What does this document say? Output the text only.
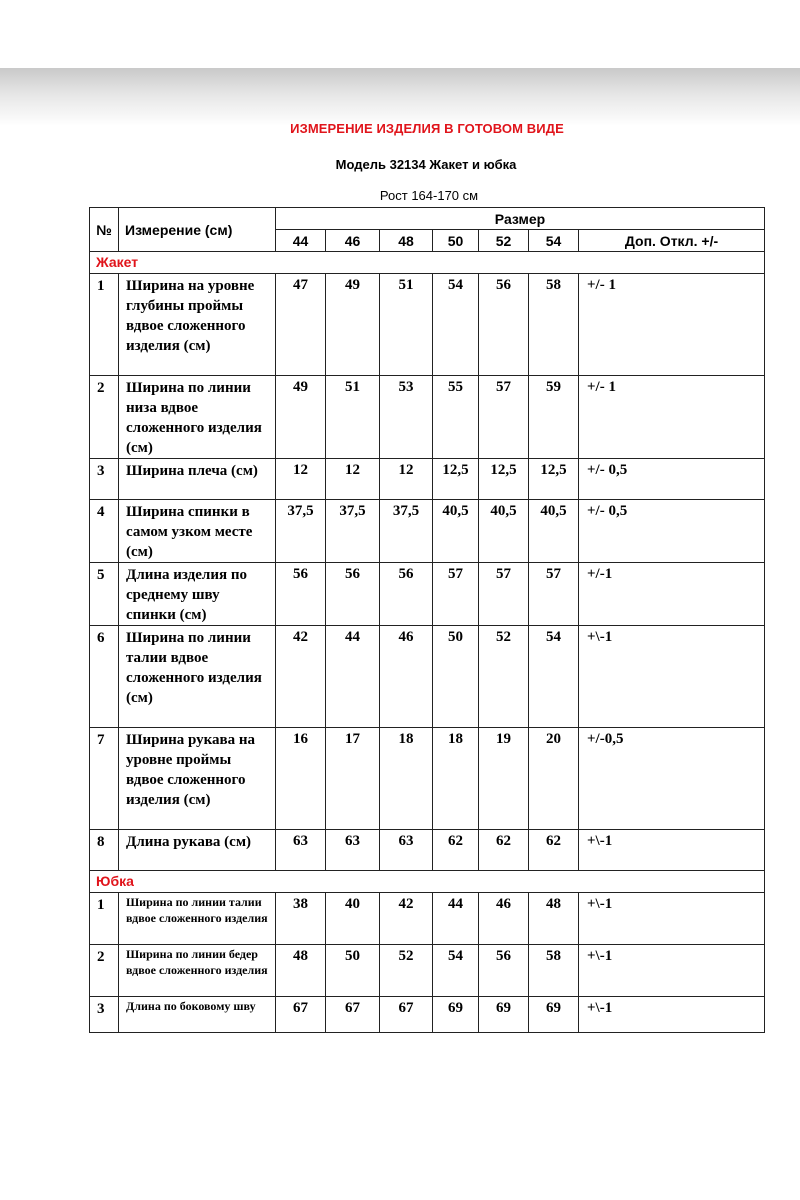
ИЗМЕРЕНИЕ ИЗДЕЛИЯ В ГОТОВОМ ВИДЕ
Модель 32134 Жакет и юбка
Рост 164-170 см
№	Измерение (см)	Размер						
		44	46	48	50	52	54	Доп. Откл. +/-
Жакет								
1	Ширина на уровне глубины проймы вдвое сложенного изделия (см)	47	49	51	54	56	58	+/- 1
2	Ширина по линии низа вдвое сложенного изделия (см)	49	51	53	55	57	59	+/- 1
3	Ширина плеча (см)	12	12	12	12,5	12,5	12,5	+/- 0,5
4	Ширина спинки в самом узком месте (см)	37,5	37,5	37,5	40,5	40,5	40,5	+/- 0,5
5	Длина изделия по среднему шву спинки (см)	56	56	56	57	57	57	+/-1
6	Ширина по линии талии вдвое сложенного изделия (см)	42	44	46	50	52	54	+\-1
7	Ширина рукава на уровне проймы вдвое сложенного изделия (см)	16	17	18	18	19	20	+/-0,5
8	Длина рукава (см)	63	63	63	62	62	62	+\-1
Юбка								
1	Ширина по линии талии вдвое сложенного изделия	38	40	42	44	46	48	+\-1
2	Ширина по линии бедер вдвое сложенного изделия	48	50	52	54	56	58	+\-1
3	Длина по боковому шву	67	67	67	69	69	69	+\-1
